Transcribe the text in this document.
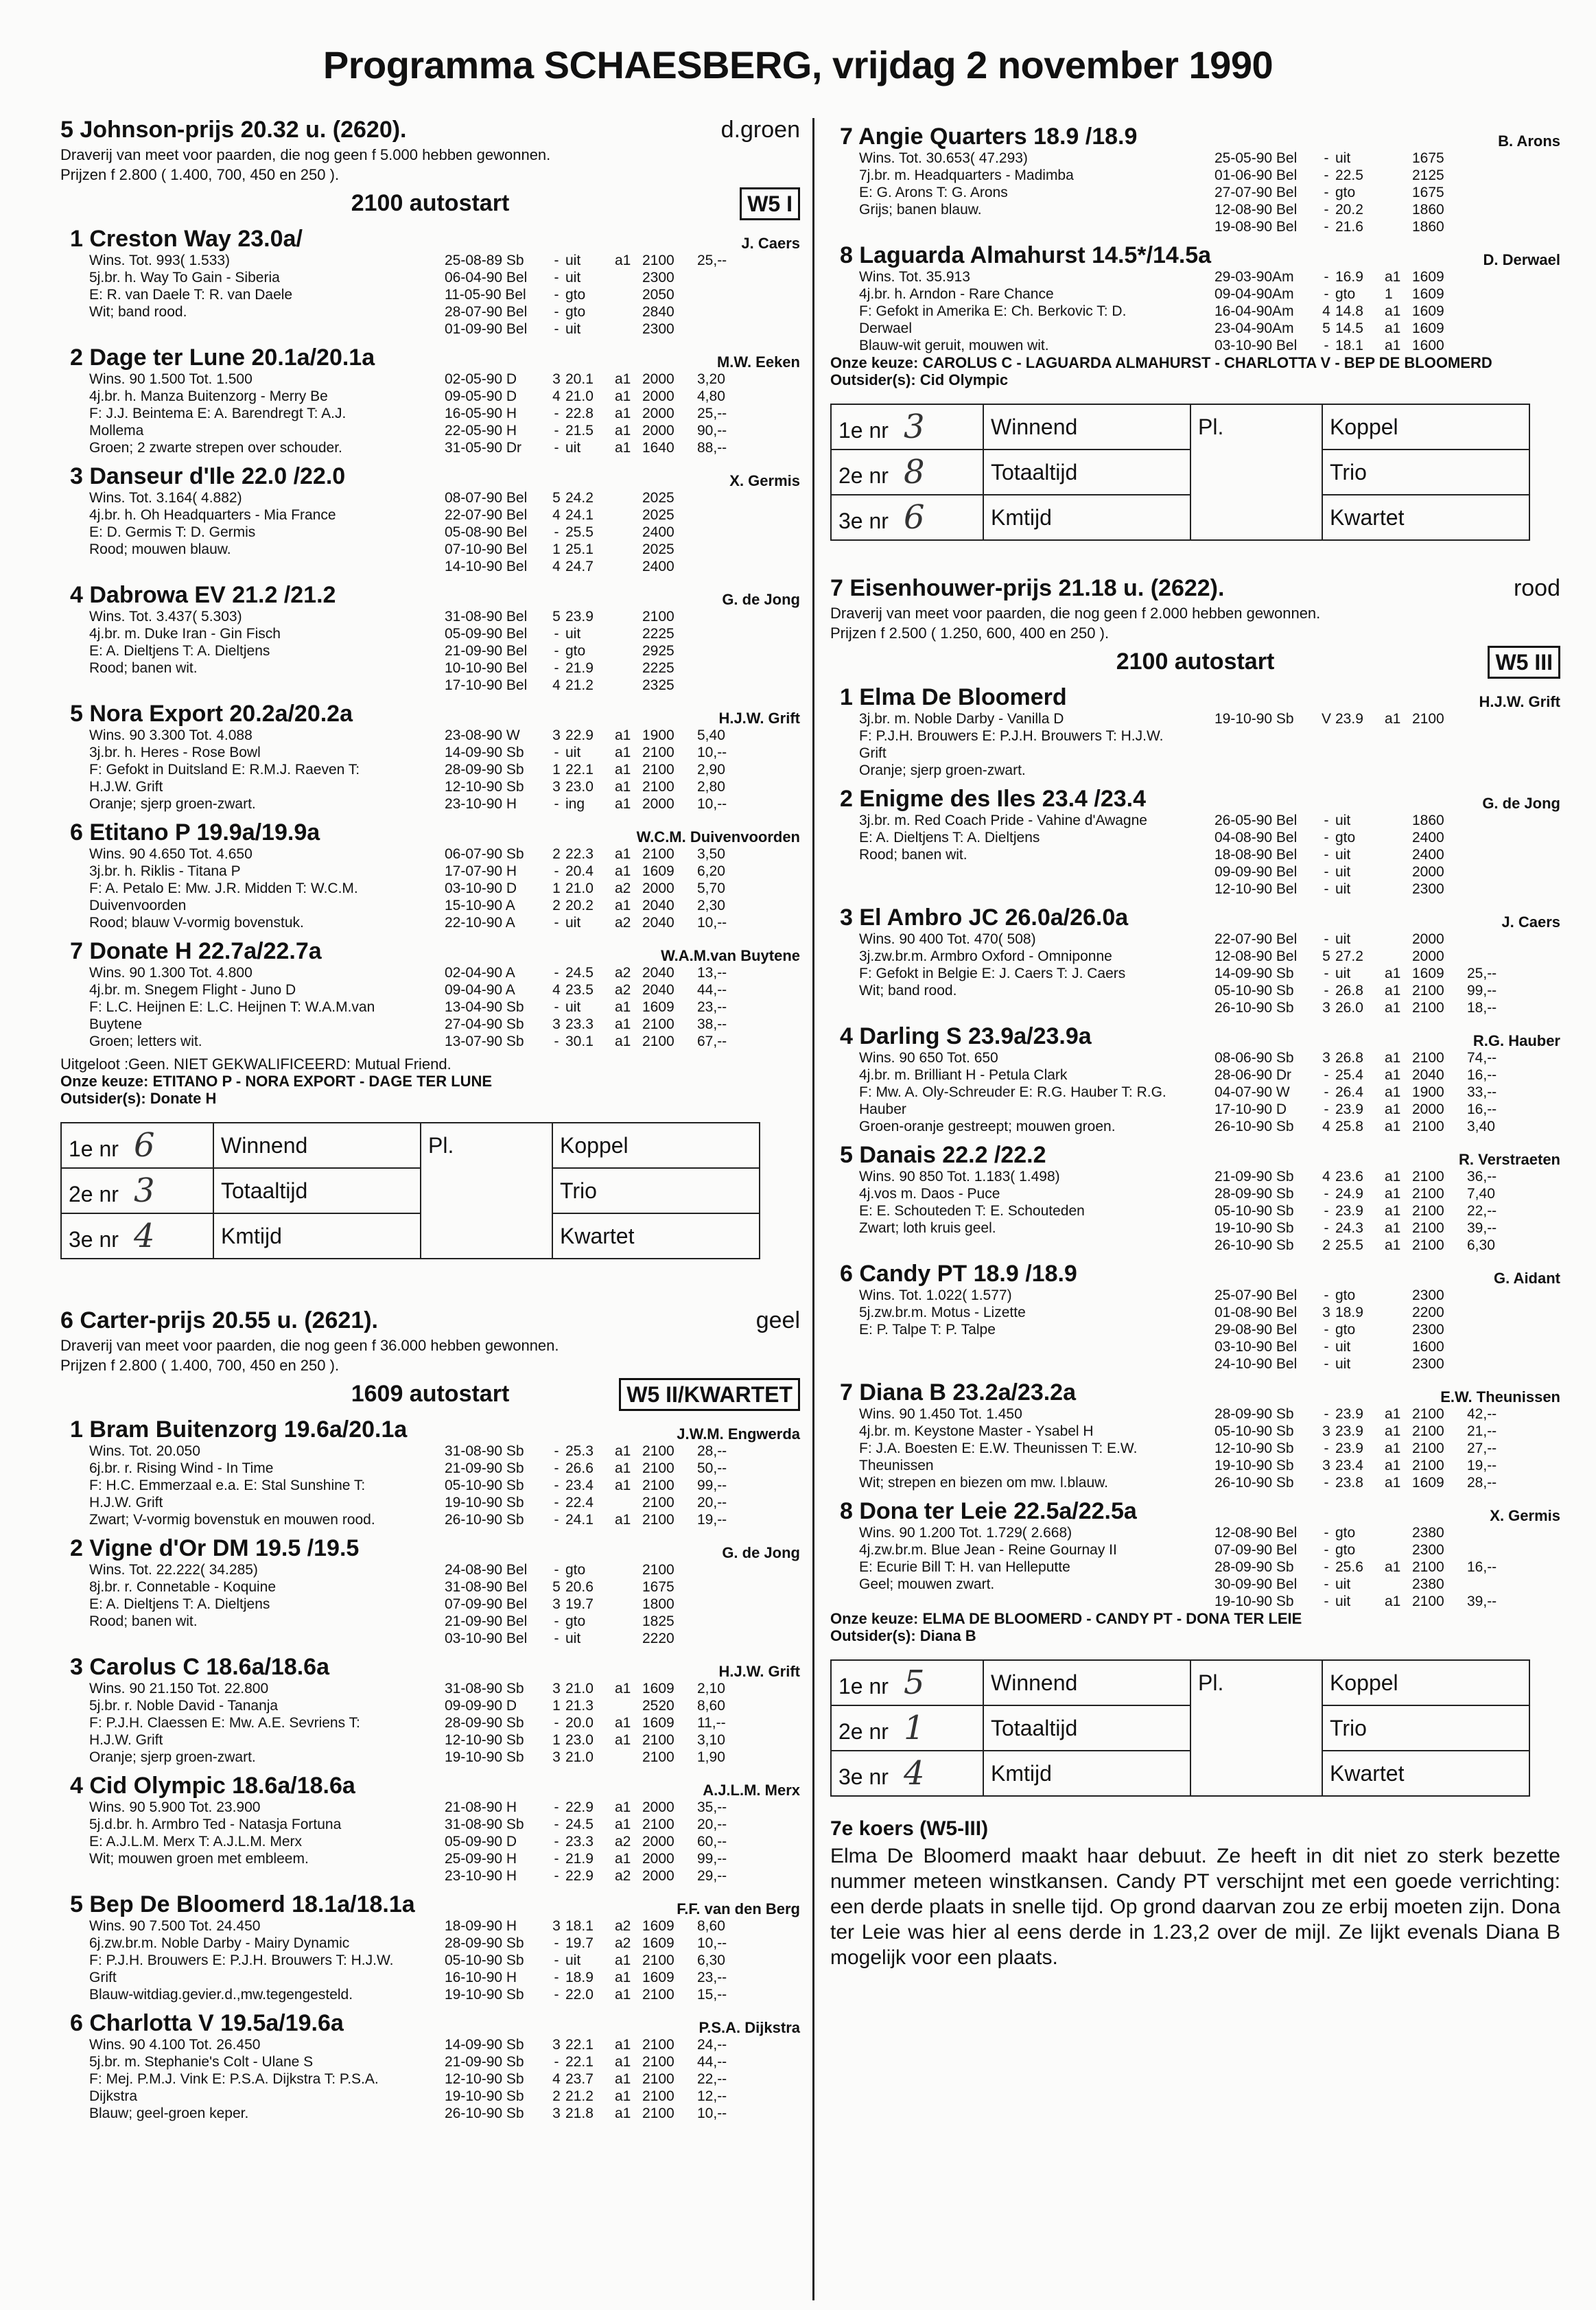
Programma SCHAESBERG, vrijdag 2 november 1990
5 Johnson-prijs 20.32 u. (2620).	d.groen
Draverij van meet voor paarden, die nog geen f 5.000 hebben gewonnen.
Prijzen f 2.800 ( 1.400, 700, 450 en 250 ).
2100 autostart	W5 I
1 Creston Way 23.0a/
Wins. Tot. 993( 1.533)
5j.br. h. Way To Gain - Siberia
E: R. van Daele T: R. van Daele
Wit; band rood.
J. Caers
25-08-89 Sb	-	uit	a1	2100	25,--
06-04-90 Bel	-	uit		2300	
11-05-90 Bel	-	gto		2050	
28-07-90 Bel	-	gto		2840	
01-09-90 Bel	-	uit		2300	
2 Dage ter Lune 20.1a/20.1a
Wins. 90 1.500 Tot. 1.500
4j.br. h. Manza Buitenzorg - Merry Be
F: J.J. Beintema E: A. Barendregt T: A.J.
Mollema
Groen; 2 zwarte strepen over schouder.
M.W. Eeken
02-05-90 D	3	20.1	a1	2000	3,20
09-05-90 D	4	21.0	a1	2000	4,80
16-05-90 H	-	22.8	a1	2000	25,--
22-05-90 H	-	21.5	a1	2000	90,--
31-05-90 Dr	-	uit	a1	1640	88,--
3 Danseur d'Ile 22.0 /22.0
Wins. Tot. 3.164( 4.882)
4j.br. h. Oh Headquarters - Mia France
E: D. Germis T: D. Germis
Rood; mouwen blauw.
X. Germis
08-07-90 Bel	5	24.2		2025	
22-07-90 Bel	4	24.1		2025	
05-08-90 Bel	-	25.5		2400	
07-10-90 Bel	1	25.1		2025	
14-10-90 Bel	4	24.7		2400	
4 Dabrowa EV 21.2 /21.2
Wins. Tot. 3.437( 5.303)
4j.br. m. Duke Iran - Gin Fisch
E: A. Dieltjens T: A. Dieltjens
Rood; banen wit.
G. de Jong
31-08-90 Bel	5	23.9		2100	
05-09-90 Bel	-	uit		2225	
21-09-90 Bel	-	gto		2925	
10-10-90 Bel	-	21.9		2225	
17-10-90 Bel	4	21.2		2325	
5 Nora Export 20.2a/20.2a
Wins. 90 3.300 Tot. 4.088
3j.br. h. Heres - Rose Bowl
F: Gefokt in Duitsland E: R.M.J. Raeven T:
H.J.W. Grift
Oranje; sjerp groen-zwart.
H.J.W. Grift
23-08-90 W	3	22.9	a1	1900	5,40
14-09-90 Sb	-	uit	a1	2100	10,--
28-09-90 Sb	1	22.1	a1	2100	2,90
12-10-90 Sb	3	23.0	a1	2100	2,80
23-10-90 H	-	ing	a1	2000	10,--
6 Etitano P 19.9a/19.9a
Wins. 90 4.650 Tot. 4.650
3j.br. h. Riklis - Titana P
F: A. Petalo E: Mw. J.R. Midden T: W.C.M.
Duivenvoorden
Rood; blauw V-vormig bovenstuk.
W.C.M. Duivenvoorden
06-07-90 Sb	2	22.3	a1	2100	3,50
17-07-90 H	-	20.4	a1	1609	6,20
03-10-90 D	1	21.0	a2	2000	5,70
15-10-90 A	2	20.2	a1	2040	2,30
22-10-90 A	-	uit	a2	2040	10,--
7 Donate H 22.7a/22.7a
Wins. 90 1.300 Tot. 4.800
4j.br. m. Snegem Flight - Juno D
F: L.C. Heijnen E: L.C. Heijnen T: W.A.M.van
Buytene
Groen; letters wit.
W.A.M.van Buytene
02-04-90 A	-	24.5	a2	2040	13,--
09-04-90 A	4	23.5	a2	2040	44,--
13-04-90 Sb	-	uit	a1	1609	23,--
27-04-90 Sb	3	23.3	a1	2100	38,--
13-07-90 Sb	-	30.1	a1	2100	67,--
Uitgeloot :Geen. NIET GEKWALIFICEERD: Mutual Friend.
Onze keuze: ETITANO P - NORA EXPORT - DAGE TER LUNE
Outsider(s): Donate H
1e nr 6	Winnend	Pl.	Koppel
2e nr 3	Totaaltijd		Trio
3e nr 4	Kmtijd		Kwartet
6 Carter-prijs 20.55 u. (2621).	geel
Draverij van meet voor paarden, die nog geen f 36.000 hebben gewonnen.
Prijzen f 2.800 ( 1.400, 700, 450 en 250 ).
1609 autostart	W5 II/KWARTET
1 Bram Buitenzorg 19.6a/20.1a
Wins. Tot. 20.050
6j.br. r. Rising Wind - In Time
F: H.C. Emmerzaal e.a. E: Stal Sunshine T:
H.J.W. Grift
Zwart; V-vormig bovenstuk en mouwen rood.
J.W.M. Engwerda
31-08-90 Sb	-	25.3	a1	2100	28,--
21-09-90 Sb	-	26.6	a1	2100	50,--
05-10-90 Sb	-	23.4	a1	2100	99,--
19-10-90 Sb	-	22.4		2100	20,--
26-10-90 Sb	-	24.1	a1	2100	19,--
2 Vigne d'Or DM 19.5 /19.5
Wins. Tot. 22.222( 34.285)
8j.br. r. Connetable - Koquine
E: A. Dieltjens T: A. Dieltjens
Rood; banen wit.
G. de Jong
24-08-90 Bel	-	gto		2100	
31-08-90 Bel	5	20.6		1675	
07-09-90 Bel	3	19.7		1800	
21-09-90 Bel	-	gto		1825	
03-10-90 Bel	-	uit		2220	
3 Carolus C 18.6a/18.6a
Wins. 90 21.150 Tot. 22.800
5j.br. r. Noble David - Tananja
F: P.J.H. Claessen E: Mw. A.E. Sevriens T:
H.J.W. Grift
Oranje; sjerp groen-zwart.
H.J.W. Grift
31-08-90 Sb	3	21.0	a1	1609	2,10
09-09-90 D	1	21.3		2520	8,60
28-09-90 Sb	-	20.0	a1	1609	11,--
12-10-90 Sb	1	23.0	a1	2100	3,10
19-10-90 Sb	3	21.0		2100	1,90
4 Cid Olympic 18.6a/18.6a
Wins. 90 5.900 Tot. 23.900
5j.d.br. h. Armbro Ted - Natasja Fortuna
E: A.J.L.M. Merx T: A.J.L.M. Merx
Wit; mouwen groen met embleem.
A.J.L.M. Merx
21-08-90 H	-	22.9	a1	2000	35,--
31-08-90 Sb	-	24.5	a1	2100	20,--
05-09-90 D	-	23.3	a2	2000	60,--
25-09-90 H	-	21.9	a1	2000	99,--
23-10-90 H	-	22.9	a2	2000	29,--
5 Bep De Bloomerd 18.1a/18.1a
Wins. 90 7.500 Tot. 24.450
6j.zw.br.m. Noble Darby - Mairy Dynamic
F: P.J.H. Brouwers E: P.J.H. Brouwers T: H.J.W.
Grift
Blauw-witdiag.gevier.d.,mw.tegengesteld.
F.F. van den Berg
18-09-90 H	3	18.1	a2	1609	8,60
28-09-90 Sb	-	19.7	a2	1609	10,--
05-10-90 Sb	-	uit	a1	2100	6,30
16-10-90 H	-	18.9	a1	1609	23,--
19-10-90 Sb	-	22.0	a1	2100	15,--
6 Charlotta V 19.5a/19.6a
Wins. 90 4.100 Tot. 26.450
5j.br. m. Stephanie's Colt - Ulane S
F: Mej. P.M.J. Vink E: P.S.A. Dijkstra T: P.S.A.
Dijkstra
Blauw; geel-groen keper.
P.S.A. Dijkstra
14-09-90 Sb	3	22.1	a1	2100	24,--
21-09-90 Sb	-	22.1	a1	2100	44,--
12-10-90 Sb	4	23.7	a1	2100	22,--
19-10-90 Sb	2	21.2	a1	2100	12,--
26-10-90 Sb	3	21.8	a1	2100	10,--
7 Angie Quarters 18.9 /18.9
Wins. Tot. 30.653( 47.293)
7j.br. m. Headquarters - Madimba
E: G. Arons T: G. Arons
Grijs; banen blauw.
B. Arons
25-05-90 Bel	-	uit		1675	
01-06-90 Bel	-	22.5		2125	
27-07-90 Bel	-	gto		1675	
12-08-90 Bel	-	20.2		1860	
19-08-90 Bel	-	21.6		1860	
8 Laguarda Almahurst 14.5*/14.5a
Wins. Tot. 35.913
4j.br. h. Arndon - Rare Chance
F: Gefokt in Amerika E: Ch. Berkovic T: D.
Derwael
Blauw-wit geruit, mouwen wit.
D. Derwael
29-03-90Am	-	16.9	a1	1609	
09-04-90Am	-	gto	1	1609	
16-04-90Am	4	14.8	a1	1609	
23-04-90Am	5	14.5	a1	1609	
03-10-90 Bel	-	18.1	a1	1600	
Onze keuze: CAROLUS C - LAGUARDA ALMAHURST - CHARLOTTA V - BEP DE BLOOMERD
Outsider(s): Cid Olympic
1e nr 3	Winnend	Pl.	Koppel
2e nr 8	Totaaltijd		Trio
3e nr 6	Kmtijd		Kwartet
7 Eisenhouwer-prijs 21.18 u. (2622).	rood
Draverij van meet voor paarden, die nog geen f 2.000 hebben gewonnen.
Prijzen f 2.500 ( 1.250, 600, 400 en 250 ).
2100 autostart	W5 III
1 Elma De Bloomerd
3j.br. m. Noble Darby - Vanilla D
F: P.J.H. Brouwers E: P.J.H. Brouwers T: H.J.W.
Grift
Oranje; sjerp groen-zwart.
H.J.W. Grift
19-10-90 Sb	V	23.9	a1	2100	
2 Enigme des Iles 23.4 /23.4
3j.br. m. Red Coach Pride - Vahine d'Awagne
E: A. Dieltjens T: A. Dieltjens
Rood; banen wit.
G. de Jong
26-05-90 Bel	-	uit		1860	
04-08-90 Bel	-	gto		2400	
18-08-90 Bel	-	uit		2400	
09-09-90 Bel	-	uit		2000	
12-10-90 Bel	-	uit		2300	
3 El Ambro JC 26.0a/26.0a
Wins. 90 400 Tot. 470( 508)
3j.zw.br.m. Armbro Oxford - Omniponne
F: Gefokt in Belgie E: J. Caers T: J. Caers
Wit; band rood.
J. Caers
22-07-90 Bel	-	uit		2000	
12-08-90 Bel	5	27.2		2000	
14-09-90 Sb	-	uit	a1	1609	25,--
05-10-90 Sb	-	26.8	a1	2100	99,--
26-10-90 Sb	3	26.0	a1	2100	18,--
4 Darling S 23.9a/23.9a
Wins. 90 650 Tot. 650
4j.br. m. Brilliant H - Petula Clark
F: Mw. A. Oly-Schreuder E: R.G. Hauber T: R.G.
Hauber
Groen-oranje gestreept; mouwen groen.
R.G. Hauber
08-06-90 Sb	3	26.8	a1	2100	74,--
28-06-90 Dr	-	25.4	a1	2040	16,--
04-07-90 W	-	26.4	a1	1900	33,--
17-10-90 D	-	23.9	a1	2000	16,--
26-10-90 Sb	4	25.8	a1	2100	3,40
5 Danais 22.2 /22.2
Wins. 90 850 Tot. 1.183( 1.498)
4j.vos m. Daos - Puce
E: E. Schouteden T: E. Schouteden
Zwart; loth kruis geel.
R. Verstraeten
21-09-90 Sb	4	23.6	a1	2100	36,--
28-09-90 Sb	-	24.9	a1	2100	7,40
05-10-90 Sb	-	23.9	a1	2100	22,--
19-10-90 Sb	-	24.3	a1	2100	39,--
26-10-90 Sb	2	25.5	a1	2100	6,30
6 Candy PT 18.9 /18.9
Wins. Tot. 1.022( 1.577)
5j.zw.br.m. Motus - Lizette
E: P. Talpe T: P. Talpe
G. Aidant
25-07-90 Bel	-	gto		2300	
01-08-90 Bel	3	18.9		2200	
29-08-90 Bel	-	gto		2300	
03-10-90 Bel	-	uit		1600	
24-10-90 Bel	-	uit		2300	
7 Diana B 23.2a/23.2a
Wins. 90 1.450 Tot. 1.450
4j.br. m. Keystone Master - Ysabel H
F: J.A. Boesten E: E.W. Theunissen T: E.W.
Theunissen
Wit; strepen en biezen om mw. l.blauw.
E.W. Theunissen
28-09-90 Sb	-	23.9	a1	2100	42,--
05-10-90 Sb	3	23.9	a1	2100	21,--
12-10-90 Sb	-	23.9	a1	2100	27,--
19-10-90 Sb	3	23.4	a1	2100	19,--
26-10-90 Sb	-	23.8	a1	1609	28,--
8 Dona ter Leie 22.5a/22.5a
Wins. 90 1.200 Tot. 1.729( 2.668)
4j.zw.br.m. Blue Jean - Reine Gournay II
E: Ecurie Bill T: H. van Helleputte
Geel; mouwen zwart.
X. Germis
12-08-90 Bel	-	gto		2380	
07-09-90 Bel	-	gto		2300	
28-09-90 Sb	-	25.6	a1	2100	16,--
30-09-90 Bel	-	uit		2380	
19-10-90 Sb	-	uit	a1	2100	39,--
Onze keuze: ELMA DE BLOOMERD - CANDY PT - DONA TER LEIE
Outsider(s): Diana B
1e nr 5	Winnend	Pl.	Koppel
2e nr 1	Totaaltijd		Trio
3e nr 4	Kmtijd		Kwartet
7e koers (W5-III)
Elma De Bloomerd maakt haar debuut. Ze heeft in dit niet zo sterk bezette nummer meteen winstkansen. Candy PT verschijnt met een goede verrichting: een derde plaats in snelle tijd. Op grond daarvan zou ze erbij moeten zijn. Dona ter Leie was hier al eens derde in 1.23,2 over de mijl. Ze lijkt evenals Diana B mogelijk voor een plaats.
